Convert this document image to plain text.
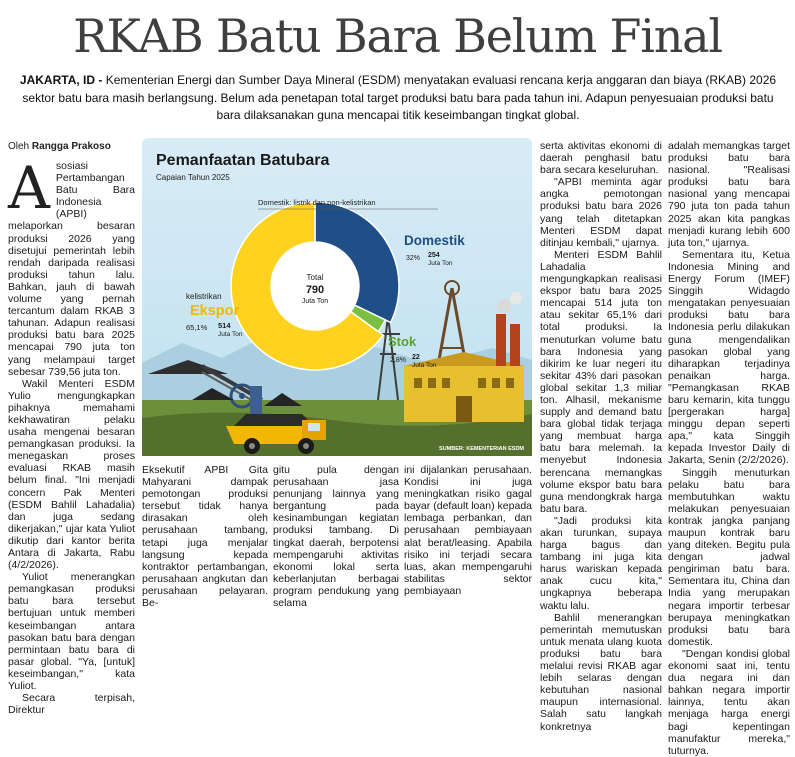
RKAB Batu Bara Belum Final
JAKARTA, ID - Kementerian Energi dan Sumber Daya Mineral (ESDM) menyatakan evaluasi rencana kerja anggaran dan biaya (RKAB) 2026 sektor batu bara masih berlangsung. Belum ada penetapan total target produksi batu bara pada tahun ini. Adapun penyesuaian produksi batu bara dilaksanakan guna mencapai titik keseimbangan tingkat global.
Oleh Rangga Prakoso

Asosiasi Pertambangan Batu Bara Indonesia (APBI) melaporkan besaran produksi 2026 yang disetujui pemerintah lebih rendah daripada realisasi produksi tahun lalu. Bahkan, jauh di bawah volume yang pernah tercantum dalam RKAB 3 tahunan. Adapun realisasi produksi batu bara 2025 mencapai 790 juta ton yang melampaui target sebesar 739,56 juta ton.

Wakil Menteri ESDM Yulio mengungkapkan pihaknya memahami kekhawatiran pelaku usaha mengenai besaran pemangkasan produksi. Ia menegaskan proses evaluasi RKAB masih belum final. "Ini menjadi concern Pak Menteri (ESDM Bahlil Lahadalia) dan juga sedang dikerjakan," ujar kata Yuliot dikutip dari kantor berita Antara di Jakarta, Rabu (4/2/2026).

Yuliot menerangkan pemangkasan produksi batu bara tersebut bertujuan untuk memberi keseimbangan antara pasokan batu bara dengan permintaan batu bara di pasar global. "Ya, [untuk] keseimbangan," kata Yuliot.

Secara terpisah, Direktur

Eksekutif APBI Gita Mahyarani dampak pemotongan produksi tersebut tidak hanya dirasakan oleh perusahaan tambang, tetapi juga menjalar langsung kepada kontraktor pertambangan, perusahaan angkutan dan perusahaan pelayaran. Be-

gitu pula dengan perusahaan jasa penunjang lainnya yang bergantung pada kesinambungan kegiatan produksi tambang. Di tingkat daerah, berpotensi mempengaruhi aktivitas ekonomi lokal serta keberlanjutan berbagai program pendukung yang selama

ini dijalankan perusahaan. Kondisi ini juga meningkatkan risiko gagal bayar (default loan) kepada lembaga perbankan, dan perusahaan pembiayaan alat berat/leasing. Apabila risiko ini terjadi secara luas, akan mempengaruhi stabilitas sektor pembiayaan

serta aktivitas ekonomi di daerah penghasil batu bara secara keseluruhan.

"APBI meminta agar angka pemotongan produksi batu bara 2026 yang telah ditetapkan Menteri ESDM dapat ditinjau kembali," ujarnya.

Menteri ESDM Bahlil Lahadalia mengungkapkan realisasi ekspor batu bara 2025 mencapai 514 juta ton atau sekitar 65,1% dari total produksi. Ia menuturkan volume batu bara Indonesia yang dikirim ke luar negeri itu sekitar 43% dari pasokan global sekitar 1,3 miliar ton. Alhasil, mekanisme supply and demand batu bara global tidak terjaga yang membuat harga batu bara melemah. Ia menyebut Indonesia berencana memangkas volume ekspor batu bara guna mendongkrak harga batu bara.

"Jadi produksi kita akan turunkan, supaya harga bagus dan tambang ini juga kita harus wariskan kepada anak cucu kita," ungkapnya beberapa waktu lalu.

Bahlil menerangkan pemerintah memutuskan untuk menata ulang kuota produksi batu bara melalui revisi RKAB agar lebih selaras dengan kebutuhan nasional maupun internasional. Salah satu langkah konkretnya

adalah memangkas target produksi batu bara nasional. "Realisasi produksi batu bara nasional yang mencapai 790 juta ton pada tahun 2025 akan kita pangkas menjadi kurang lebih 600 juta ton," ujarnya.

Sementara itu, Ketua Indonesia Mining and Energy Forum (IMEF) Singgih Widagdo mengatakan penyesuaian produksi batu bara Indonesia perlu dilakukan guna mengendalikan pasokan global yang diharapkan terjadinya penaikan harga. "Pemangkasan RKAB baru kemarin, kita tunggu [pergerakan harga] minggu depan seperti apa," kata Singgih kepada Investor Daily di Jakarta, Senin (2/2/2026).

Singgih menuturkan pelaku batu bara membutuhkan waktu melakukan penyesuaian kontrak jangka panjang maupun kontrak baru yang diteken. Begitu pula dengan jadwal pengiriman batu bara. Sementara itu, China dan India yang merupakan negara importir terbesar berupaya meningkatkan produksi batu bara domestik.

"Dengan kondisi global ekonomi saat ini, tentu dua negara ini dan bahkan negara importir lainnya, tentu akan menjaga harga energi bagi kepentingan manufaktur mereka," tuturnya.

Pemanfaatan Batubara
Capaian Tahun 2025
Domestik: listrik dan non-kelistrikan
Domestik
32% 254
Juta Ton
kelistrikan
Ekspor
65,1% 514
Juta Ton	Stok
2,8% 22
Juta Ton
Total
790
Juta Ton
SUMBER: KEMENTERIAN ESDM
